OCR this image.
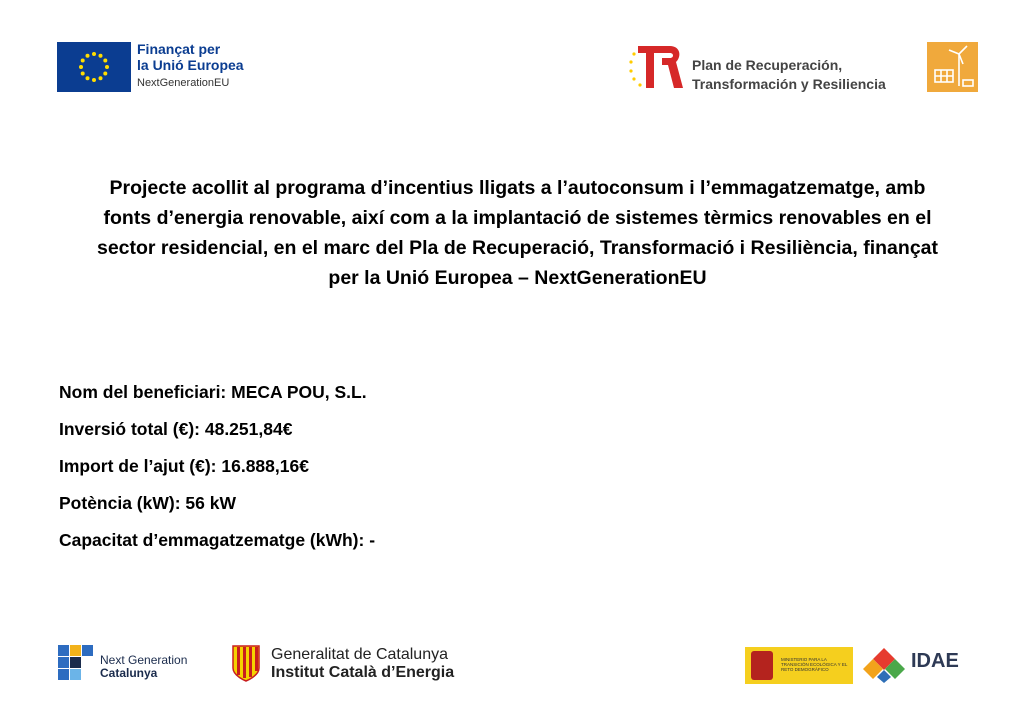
Finançat per
la Unió Europea
NextGenerationEU
Plan de Recuperación,
Transformación y Resiliencia
Projecte acollit al programa d’incentius lligats a l’autoconsum i l’emmagatzematge, amb
fonts d’energia renovable, així com a la implantació de sistemes tèrmics renovables en el
sector residencial, en el marc del Pla de Recuperació, Transformació i Resiliència, finançat
per la Unió Europea – NextGenerationEU
Nom del beneficiari: MECA POU, S.L.
Inversió total (€): 48.251,84€
Import de l’ajut (€): 16.888,16€
Potència (kW): 56 kW
Capacitat d’emmagatzematge (kWh): -
Next Generation
Catalunya
Generalitat de Catalunya
Institut Català d’Energia
MINISTERIO PARA LA TRANSICIÓN ECOLÓGICA Y EL RETO DEMOGRÁFICO	IDAE
